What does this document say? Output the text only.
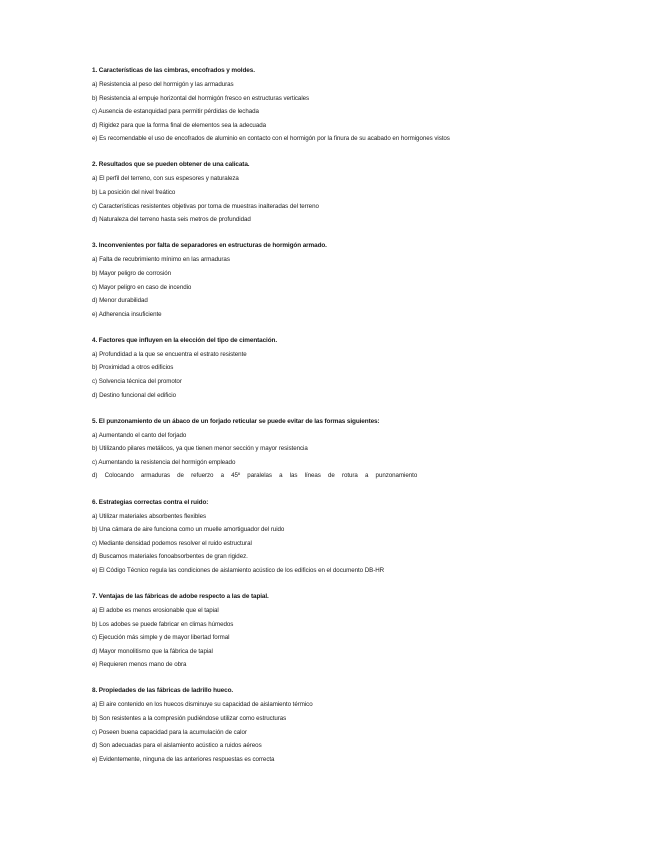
1. Características de las cimbras, encofrados y moldes.
a) Resistencia al peso del hormigón y las armaduras
b) Resistencia al empuje horizontal del hormigón fresco en estructuras verticales
c) Ausencia de estanquidad para permitir pérdidas de lechada
d) Rigidez para que la forma final de elementos sea la adecuada
e) Es recomendable el uso de encofrados de aluminio en contacto con el hormigón por la finura de su acabado en hormigones vistos
2. Resultados que se pueden obtener de una calicata.
a) El perfil del terreno, con sus espesores y naturaleza
b) La posición del nivel freático
c) Características resistentes objetivas por toma de muestras inalteradas del terreno
d) Naturaleza del terreno hasta seis metros de profundidad
3. Inconvenientes por falta de separadores en estructuras de hormigón armado.
a) Falta de recubrimiento mínimo en las armaduras
b) Mayor peligro de corrosión
c) Mayor peligro en caso de incendio
d) Menor durabilidad
e) Adherencia insuficiente
4. Factores que influyen en la elección del tipo de cimentación.
a) Profundidad a la que se encuentra el estrato resistente
b) Proximidad a otros edificios
c) Solvencia técnica del promotor
d) Destino funcional del edificio
5. El punzonamiento de un ábaco de un forjado reticular se puede evitar de las formas siguientes:
a) Aumentando el canto del forjado
b) Utilizando pilares metálicos, ya que tienen menor sección y mayor resistencia
c) Aumentando la resistencia del hormigón empleado
d) Colocando armaduras de refuerzo a 45º paralelas a las líneas de rotura a punzonamiento
6. Estrategias correctas contra el ruido:
a) Utilizar materiales absorbentes flexibles
b) Una cámara de aire funciona como un muelle amortiguador del ruido
c) Mediante densidad podemos resolver el ruido estructural
d) Buscamos materiales fonoabsorbentes de gran rigidez.
e) El Código Técnico regula las condiciones de aislamiento acústico de los edificios en el documento DB-HR
7. Ventajas de las fábricas de adobe respecto a las de tapial.
a) El adobe es menos erosionable que el tapial
b) Los adobes se puede fabricar en climas húmedos
c) Ejecución más simple y de mayor libertad formal
d) Mayor monolitismo que la fábrica de tapial
e) Requieren menos mano de obra
8. Propiedades de las fábricas de ladrillo hueco.
a) El aire contenido en los huecos disminuye su capacidad de aislamiento térmico
b) Son resistentes a la compresión pudiéndose utilizar como estructuras
c) Poseen buena capacidad para la acumulación de calor
d) Son adecuadas para el aislamiento acústico a ruidos aéreos
e) Evidentemente, ninguna de las anteriores respuestas es correcta
